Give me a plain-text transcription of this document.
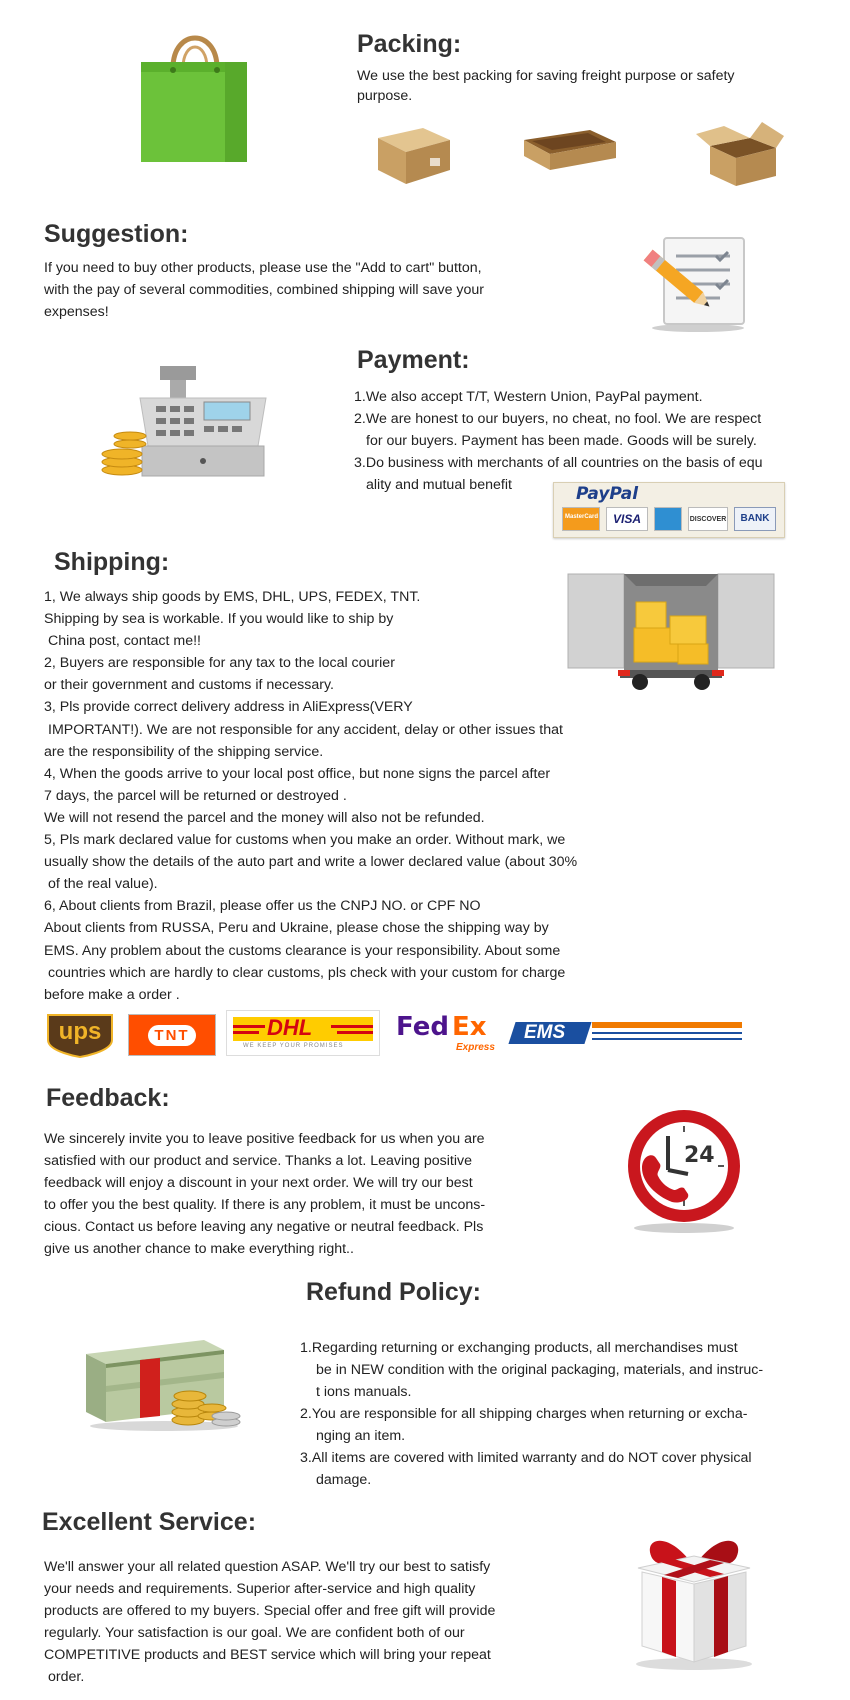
Packing:
We use the best packing for saving freight purpose or safety
purpose.
Suggestion:
If you need to buy other products, please use the "Add to cart" button,
with the pay of several commodities, combined shipping will save your
expenses!
Payment:
1.We also accept T/T, Western Union, PayPal payment.
2.We are honest to our buyers, no cheat, no fool. We are respect
for our buyers. Payment has been made. Goods will be surely.
3.Do business with merchants of all countries on the basis of equ
ality and mutual benefit	PayPal
MasterCard	VISA	DISCOVER	BANK
Shipping:
1, We always ship goods by EMS, DHL, UPS, FEDEX, TNT.
Shipping by sea is workable. If you would like to ship by
China post, contact me!!
2, Buyers are responsible for any tax to the local courier
or their government and customs if necessary.
3, Pls provide correct delivery address in AliExpress(VERY
IMPORTANT!). We are not responsible for any accident, delay or other issues that
are the responsibility of the shipping service.
4, When the goods arrive to your local post office, but none signs the parcel after
7 days, the parcel will be returned or destroyed .
We will not resend the parcel and the money will also not be refunded.
5, Pls mark declared value for customs when you make an order. Without mark, we
usually show the details of the auto part and write a lower declared value (about 30%
of the real value).
6, About clients from Brazil, please offer us the CNPJ NO. or CPF NO
About clients from RUSSA, Peru and Ukraine, please chose the shipping way by
EMS. Any problem about the customs clearance is your responsibility. About some
countries which are hardly to clear customs, pls check with your custom for charge
before make a order .
ups	TNT	DHL
WE KEEP YOUR PROMISES
Fed Ex
Express
EMS
Feedback:
We sincerely invite you to leave positive feedback for us when you are
satisfied with our product and service. Thanks a lot. Leaving positive
feedback will enjoy a discount in your next order. We will try our best
to offer you the best quality. If there is any problem, it must be uncons-
cious. Contact us before leaving any negative or neutral feedback. Pls
give us another chance to make everything right..
24
Refund Policy:
1.Regarding returning or exchanging products, all merchandises must
be in NEW condition with the original packaging, materials, and instruc-
t ions manuals.
2.You are responsible for all shipping charges when returning or excha-
nging an item.
3.All items are covered with limited warranty and do NOT cover physical
damage.
Excellent Service:
We'll answer your all related question ASAP. We'll try our best to satisfy
your needs and requirements. Superior after-service and high quality
products are offered to my buyers. Special offer and free gift will provide
regularly. Your satisfaction is our goal. We are confident both of our
COMPETITIVE products and BEST service which will bring your repeat
order.
